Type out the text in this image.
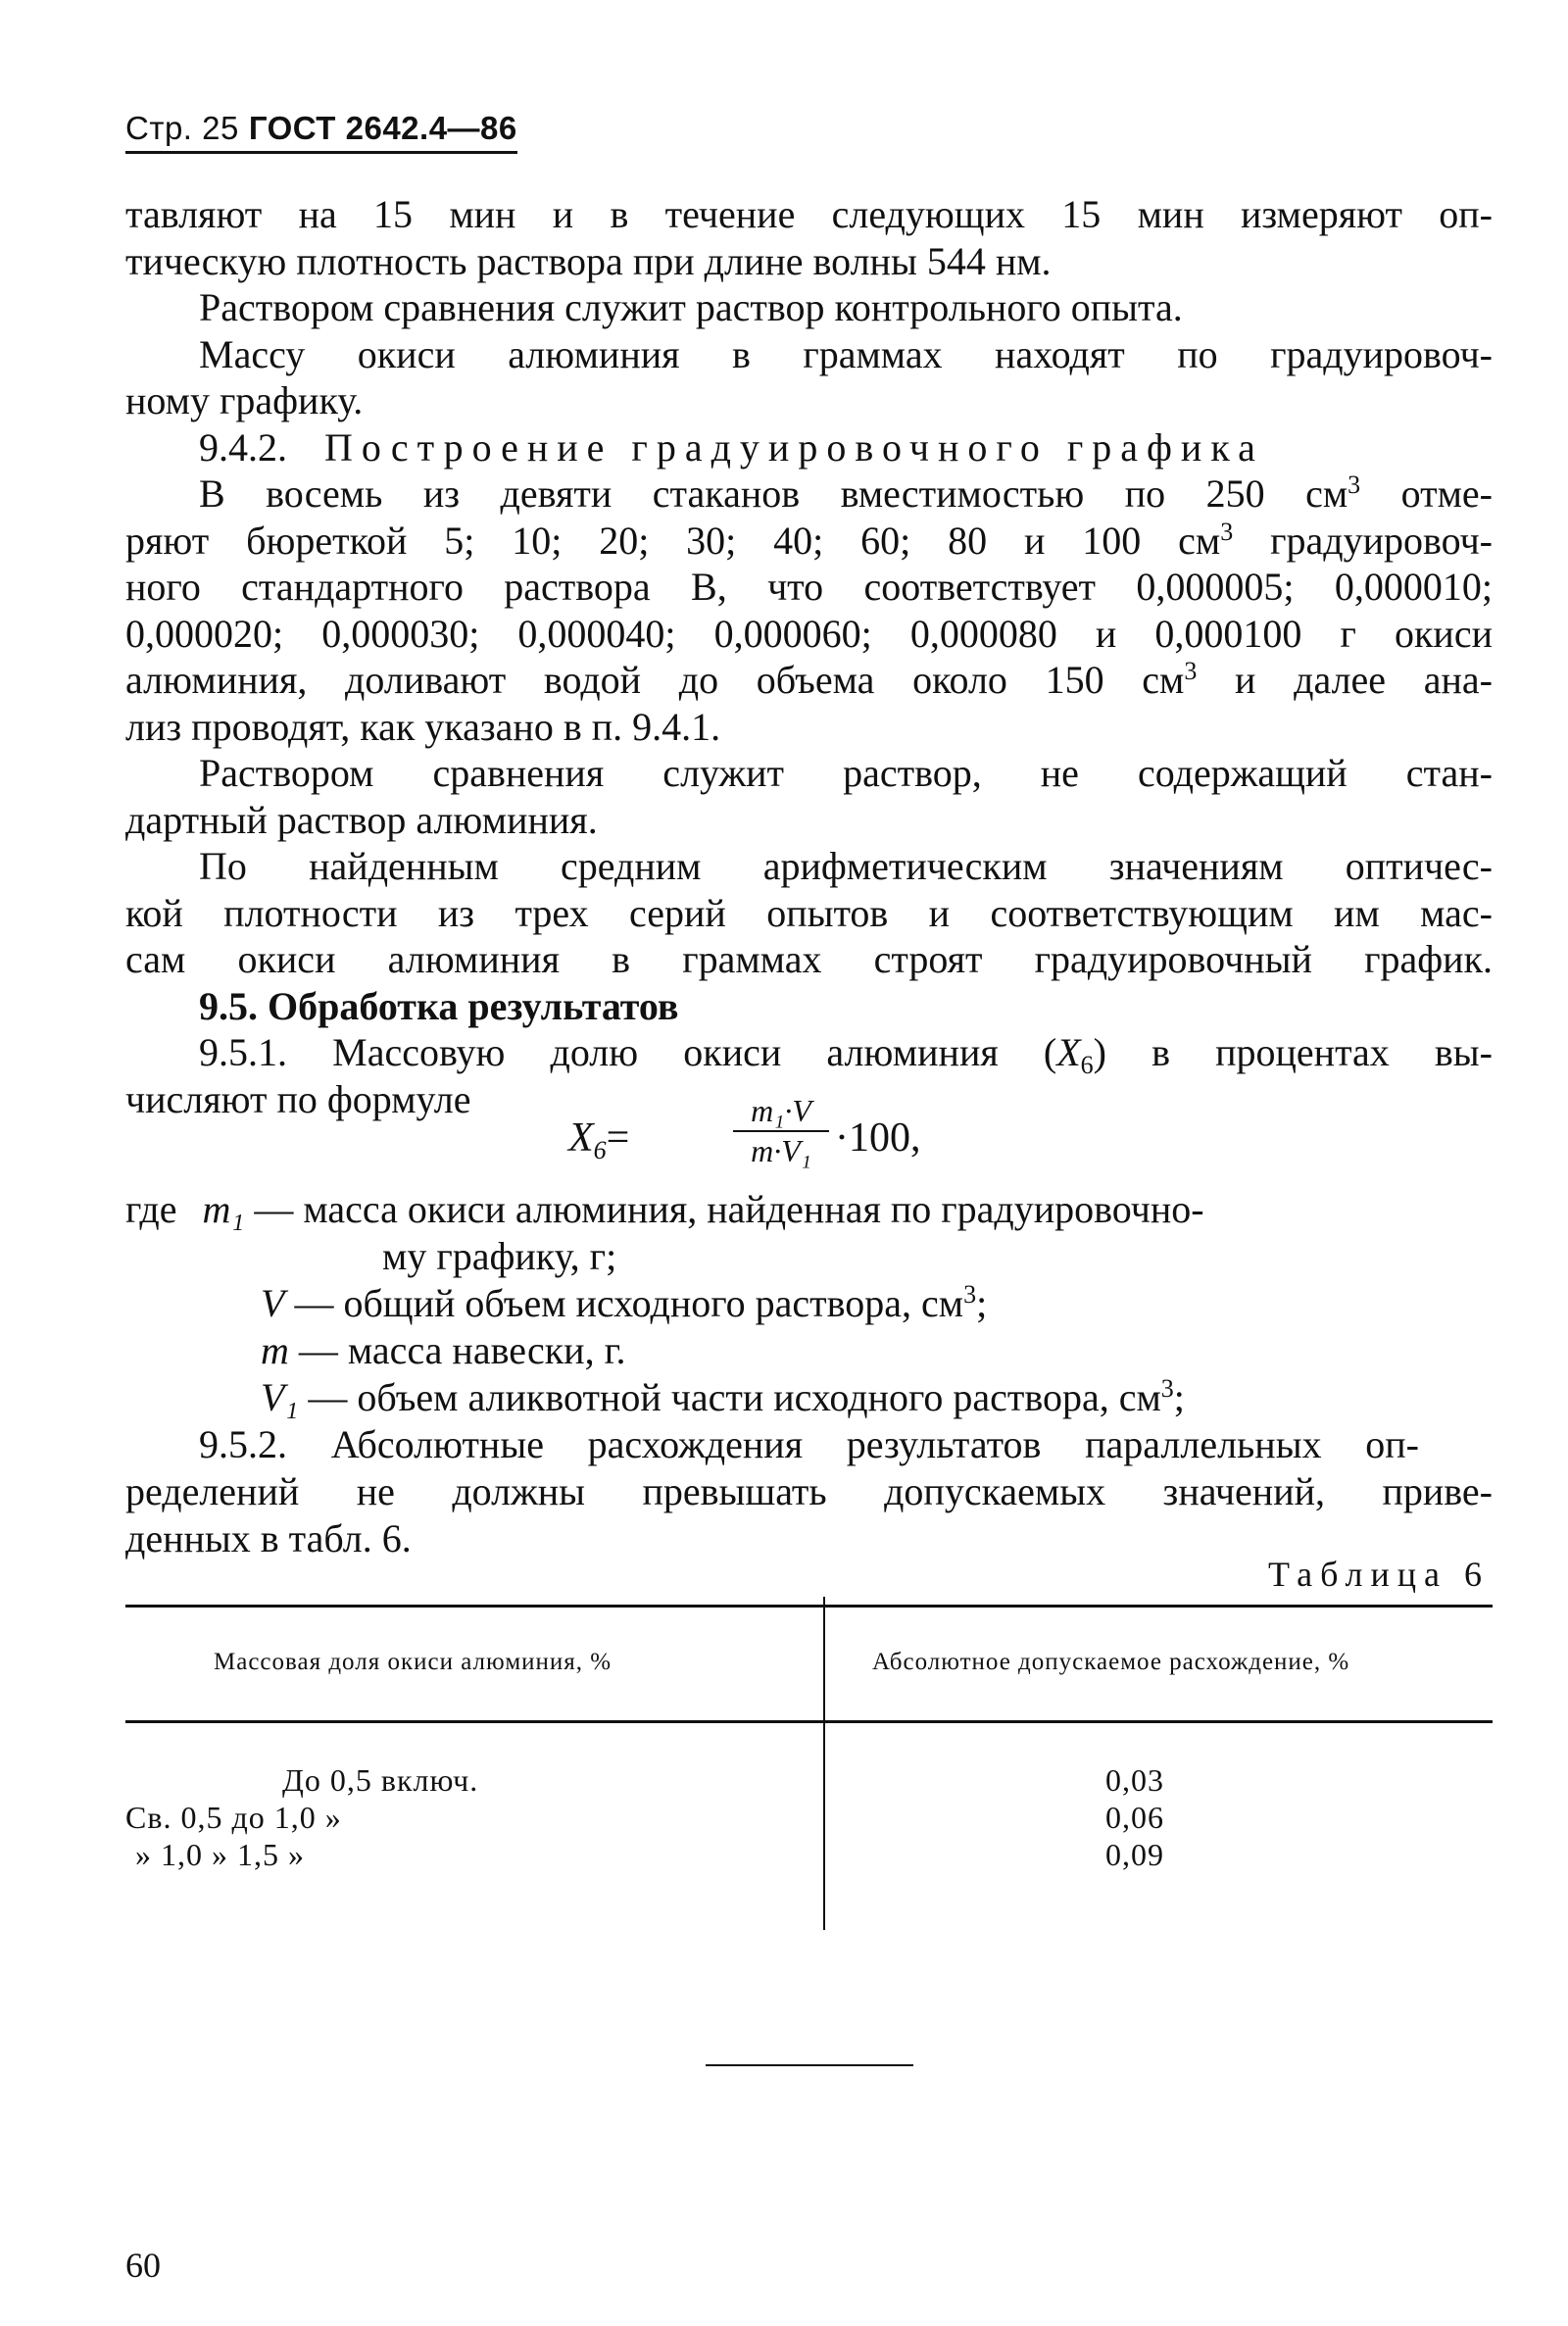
Стр. 25 ГОСТ 2642.4—86
тавляют на 15 мин и в течение следующих 15 мин измеряют оп-
тическую плотность раствора при длине волны 544 нм.
Раствором сравнения служит раствор контрольного опыта.
Массу окиси алюминия в граммах находят по градуировоч-
ному графику.
9.4.2. Построение градуировочного графика
В восемь из девяти стаканов вместимостью по 250 $см^3$ отме-
ряют бюреткой 5; 10; 20; 30; 40; 60; 80 и 100 $см^3$ градуировоч-
ного стандартного раствора В, что соответствует 0,000005; 0,000010;
0,000020; 0,000030; 0,000040; 0,000060; 0,000080 и 0,000100 г окиси
алюминия, доливают водой до объема около 150 $см^3$ и далее ана-
лиз проводят, как указано в п. 9.4.1.
Раствором сравнения служит раствор, не содержащий стан-
дартный раствор алюминия.
По найденным средним арифметическим значениям оптичес-
кой плотности из трех серий опытов и соответствующим им мас-
сам окиси алюминия в граммах строят градуировочный график.
9.5. Обработка результатов
9.5.1. Массовую долю окиси алюминия $(X_6)$ в процентах вы-
числяют по формуле
$X_6=$
m₁·V
m·V₁ ·100,
где m₁ — масса окиси алюминия, найденная по градуировочно-
му графику, г;
V — общий объем исходного раствора, $см^3$;
m — масса навески, г.
V₁ — объем аликвотной части исходного раствора, $см^3$;
9.5.2. Абсолютные расхождения результатов параллельных оп-
ределений не должны превышать допускаемых значений, приве-
денных в табл. 6.
Таблица 6
Массовая доля окиси алюминия, %	Абсолютное допускаемое расхождение, %
До 0,5 включ.
Св. 0,5 до 1,0 »
» 1,0 » 1,5 »
0,03
0,06
0,09
60
